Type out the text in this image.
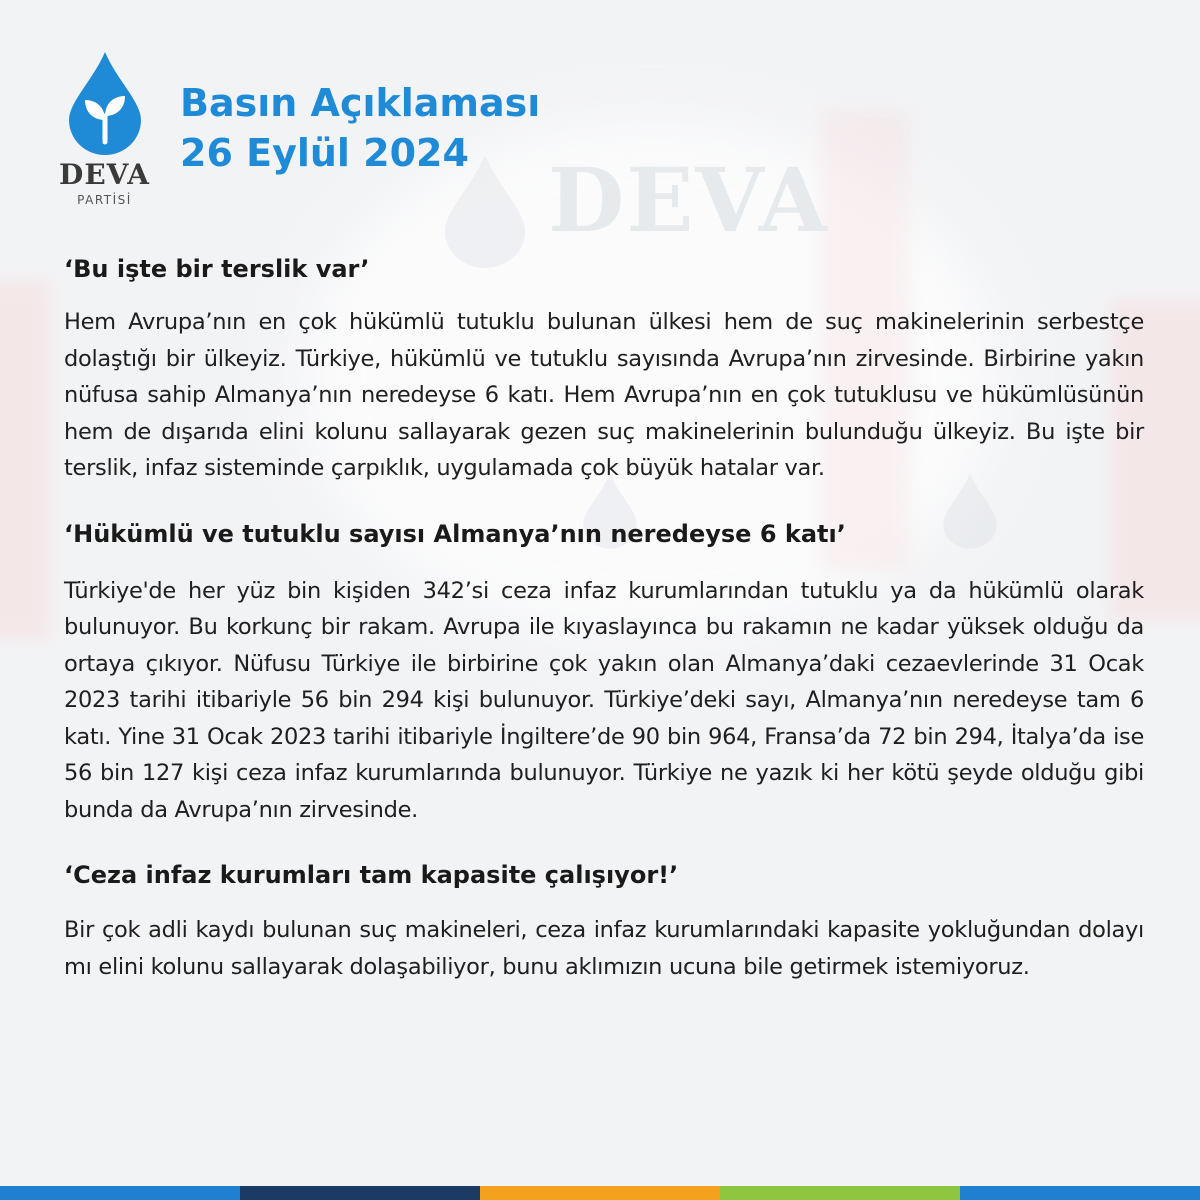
DEVA
DEVA
PARTİSİ
Basın Açıklaması
26 Eylül 2024
‘Bu işte bir terslik var’

Hem Avrupa’nın en çok hükümlü tutuklu bulunan ülkesi hem de suç makinelerinin serbestçe dolaştığı bir ülkeyiz. Türkiye, hükümlü ve tutuklu sayısında Avrupa’nın zirvesinde. Birbirine yakın nüfusa sahip Almanya’nın neredeyse 6 katı. Hem Avrupa’nın en çok tutuklusu ve hükümlüsünün hem de dışarıda elini kolunu sallayarak gezen suç makinelerinin bulunduğu ülkeyiz. Bu işte bir terslik, infaz sisteminde çarpıklık, uygulamada çok büyük hatalar var.

‘Hükümlü ve tutuklu sayısı Almanya’nın neredeyse 6 katı’

Türkiye'de her yüz bin kişiden 342’si ceza infaz kurumlarından tutuklu ya da hükümlü olarak bulunuyor. Bu korkunç bir rakam. Avrupa ile kıyaslayınca bu rakamın ne kadar yüksek olduğu da ortaya çıkıyor. Nüfusu Türkiye ile birbirine çok yakın olan Almanya’daki cezaevlerinde 31 Ocak 2023 tarihi itibariyle 56 bin 294 kişi bulunuyor. Türkiye’deki sayı, Almanya’nın neredeyse tam 6 katı. Yine 31 Ocak 2023 tarihi itibariyle İngiltere’de 90 bin 964, Fransa’da 72 bin 294, İtalya’da ise 56 bin 127 kişi ceza infaz kurumlarında bulunuyor. Türkiye ne yazık ki her kötü şeyde olduğu gibi bunda da Avrupa’nın zirvesinde.

‘Ceza infaz kurumları tam kapasite çalışıyor!’

Bir çok adli kaydı bulunan suç makineleri, ceza infaz kurumlarındaki kapasite yokluğundan dolayı mı elini kolunu sallayarak dolaşabiliyor, bunu aklımızın ucuna bile getirmek istemiyoruz.
